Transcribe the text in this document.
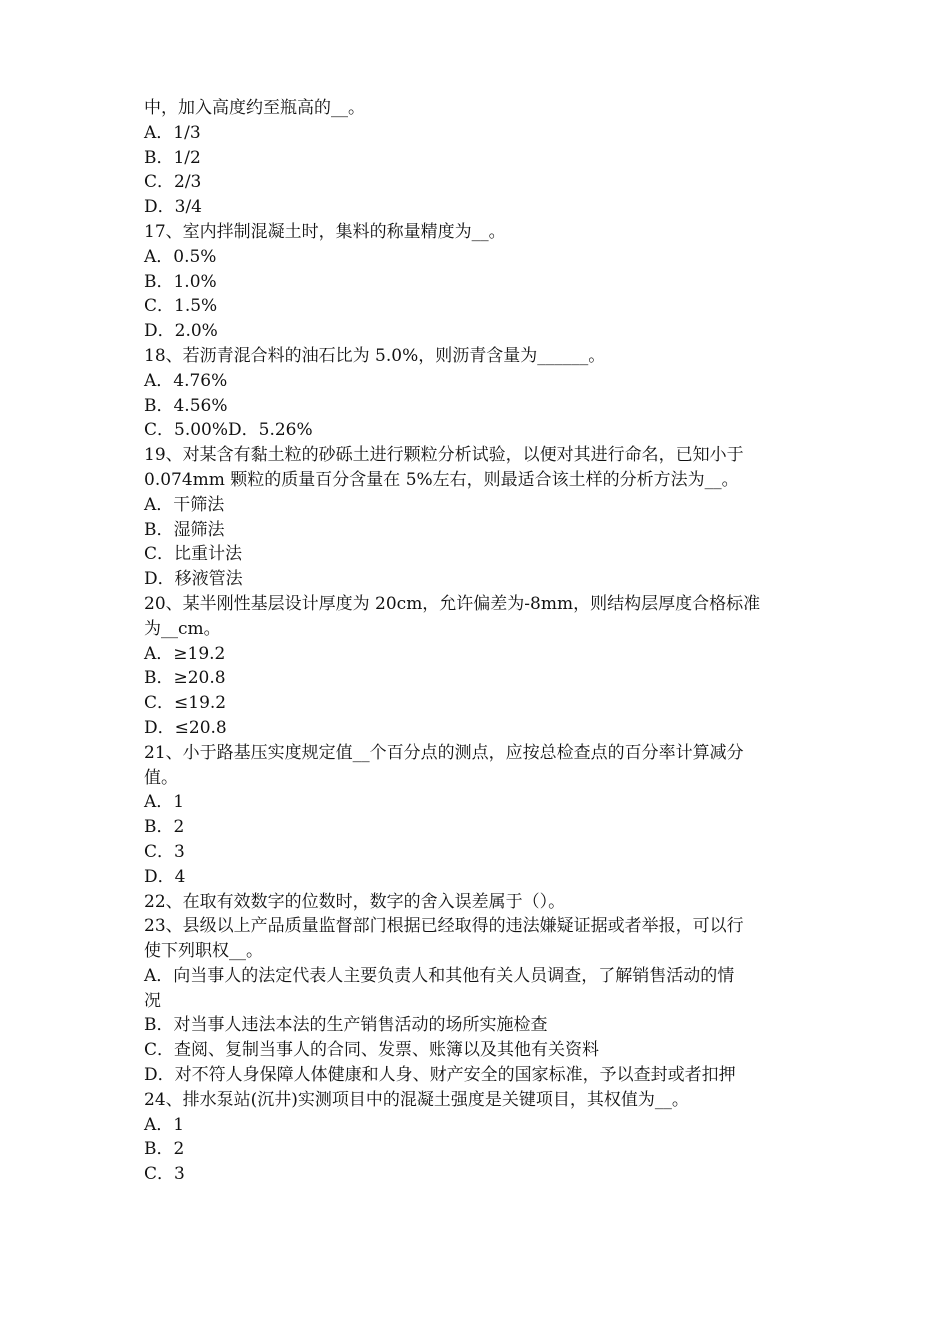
中，加入高度约至瓶高的__。

A．1/3

B．1/2

C．2/3

D．3/4

17、室内拌制混凝土时，集料的称量精度为__。

A．0.5%

B．1.0%

C．1.5%

D．2.0%

18、若沥青混合料的油石比为 5.0%，则沥青含量为______。

A．4.76%

B．4.56%

C．5.00%D．5.26%

19、对某含有黏土粒的砂砾土进行颗粒分析试验，以便对其进行命名，已知小于

0.074mm 颗粒的质量百分含量在 5%左右，则最适合该土样的分析方法为__。

A．干筛法

B．湿筛法

C．比重计法

D．移液管法

20、某半刚性基层设计厚度为 20cm，允许偏差为-8mm，则结构层厚度合格标准

为__cm。

A．≥19.2

B．≥20.8

C．≤19.2

D．≤20.8

21、小于路基压实度规定值__个百分点的测点，应按总检查点的百分率计算减分

值。

A．1

B．2

C．3

D．4

22、在取有效数字的位数时，数字的舍入误差属于（）。

23、县级以上产品质量监督部门根据已经取得的违法嫌疑证据或者举报，可以行

使下列职权__。

A．向当事人的法定代表人主要负责人和其他有关人员调查，了解销售活动的情

况

B．对当事人违法本法的生产销售活动的场所实施检查

C．查阅、复制当事人的合同、发票、账簿以及其他有关资料

D．对不符人身保障人体健康和人身、财产安全的国家标准，予以查封或者扣押

24、排水泵站(沉井)实测项目中的混凝土强度是关键项目，其权值为__。

A．1

B．2

C．3
